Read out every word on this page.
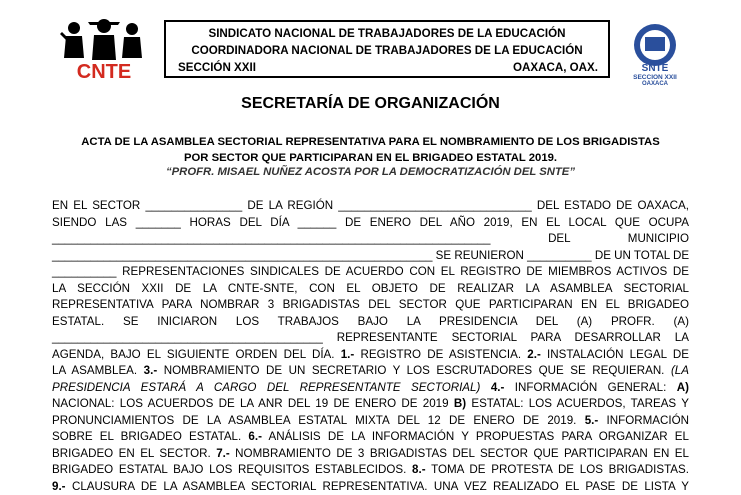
CNTE
SINDICATO NACIONAL DE TRABAJADORES DE LA EDUCACIÓN
COORDINADORA NACIONAL DE TRABAJADORES DE LA EDUCACIÓN
SECCIÓN XXII	OAXACA, OAX.	SNTE
SECCION XXII
OAXACA
SECRETARÍA DE ORGANIZACIÓN
ACTA DE LA ASAMBLEA SECTORIAL REPRESENTATIVA PARA EL NOMBRAMIENTO DE LOS BRIGADISTAS
POR SECTOR QUE PARTICIPARAN EN EL BRIGADEO ESTATAL 2019.
“PROFR. MISAEL NUÑEZ ACOSTA POR LA DEMOCRATIZACIÓN DEL SNTE”
EN EL SECTOR _______________ DE LA REGIÓN ______________________________ DEL ESTADO DE OAXACA,
SIENDO LAS _______ HORAS DEL DÍA ______ DE ENERO DEL AÑO 2019, EN EL LOCAL QUE OCUPA
____________________________________________________________________	DEL	MUNICIPIO
___________________________________________________________ SE REUNIERON __________ DE UN TOTAL DE
__________ REPRESENTACIONES SINDICALES DE ACUERDO CON EL REGISTRO DE MIEMBROS ACTIVOS DE
LA SECCIÓN XXII DE LA CNTE-SNTE, CON EL OBJETO DE REALIZAR LA ASAMBLEA SECTORIAL
REPRESENTATIVA PARA NOMBRAR 3 BRIGADISTAS DEL SECTOR QUE PARTICIPARAN EN EL BRIGADEO
ESTATAL. SE INICIARON LOS TRABAJOS BAJO LA PRESIDENCIA DEL (A) PROFR. (A)
__________________________________________ REPRESENTANTE SECTORIAL PARA DESARROLLAR LA
AGENDA, BAJO EL SIGUIENTE ORDEN DEL DÍA. 1.- REGISTRO DE ASISTENCIA. 2.- INSTALACIÓN LEGAL DE
LA ASAMBLEA. 3.- NOMBRAMIENTO DE UN SECRETARIO Y LOS ESCRUTADORES QUE SE REQUIERAN. (LA
PRESIDENCIA ESTARÁ A CARGO DEL REPRESENTANTE SECTORIAL) 4.- INFORMACIÓN GENERAL: A)
NACIONAL: LOS ACUERDOS DE LA ANR DEL 19 DE ENERO DE 2019 B) ESTATAL: LOS ACUERDOS, TAREAS Y
PRONUNCIAMIENTOS DE LA ASAMBLEA ESTATAL MIXTA DEL 12 DE ENERO DE 2019. 5.- INFORMACIÓN
SOBRE EL BRIGADEO ESTATAL. 6.- ANÁLISIS DE LA INFORMACIÓN Y PROPUESTAS PARA ORGANIZAR EL
BRIGADEO EN EL SECTOR. 7.- NOMBRAMIENTO DE 3 BRIGADISTAS DEL SECTOR QUE PARTICIPARAN EN EL
BRIGADEO ESTATAL BAJO LOS REQUISITOS ESTABLECIDOS. 8.- TOMA DE PROTESTA DE LOS BRIGADISTAS.
9.- CLAUSURA DE LA ASAMBLEA SECTORIAL REPRESENTATIVA. UNA VEZ REALIZADO EL PASE DE LISTA Y
